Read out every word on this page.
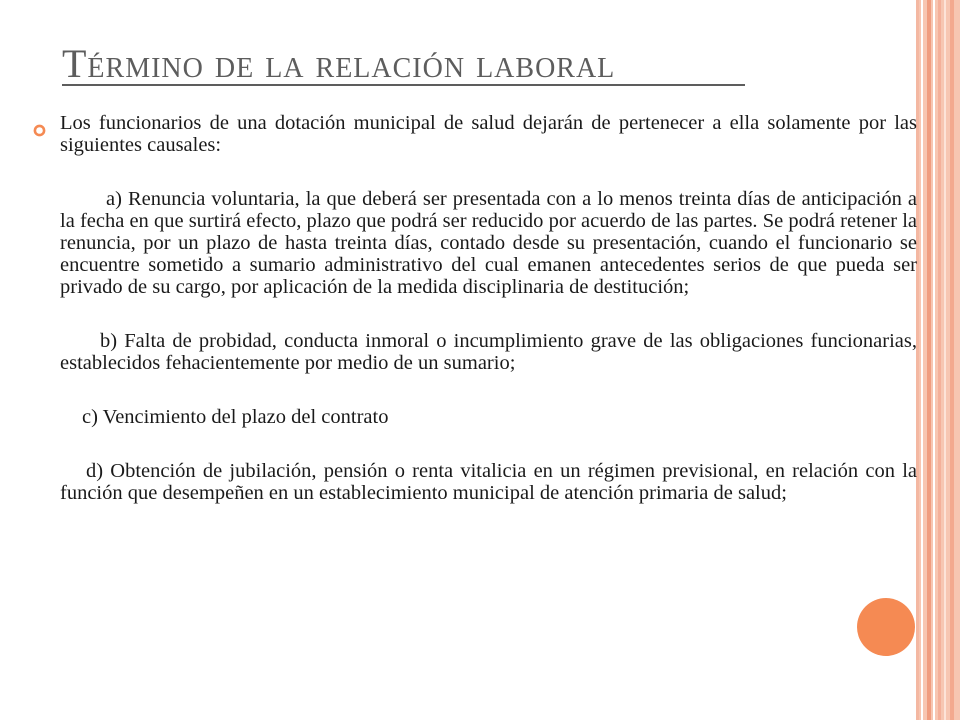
Término de la relación laboral

Los funcionarios de una dotación municipal de salud dejarán de pertenecer a ella solamente por las siguientes causales:

a) Renuncia voluntaria, la que deberá ser presentada con a lo menos treinta días de anticipación a la fecha en que surtirá efecto, plazo que podrá ser reducido por acuerdo de las partes. Se podrá retener la renuncia, por un plazo de hasta treinta días, contado desde su presentación, cuando el funcionario se encuentre sometido a sumario administrativo del cual emanen antecedentes serios de que pueda ser privado de su cargo, por aplicación de la medida disciplinaria de destitución;

b) Falta de probidad, conducta inmoral o incumplimiento grave de las obligaciones funcionarias, establecidos fehacientemente por medio de un sumario;

c) Vencimiento del plazo del contrato

d) Obtención de jubilación, pensión o renta vitalicia en un régimen previsional, en relación con la función que desempeñen en un establecimiento municipal de atención primaria de salud;
